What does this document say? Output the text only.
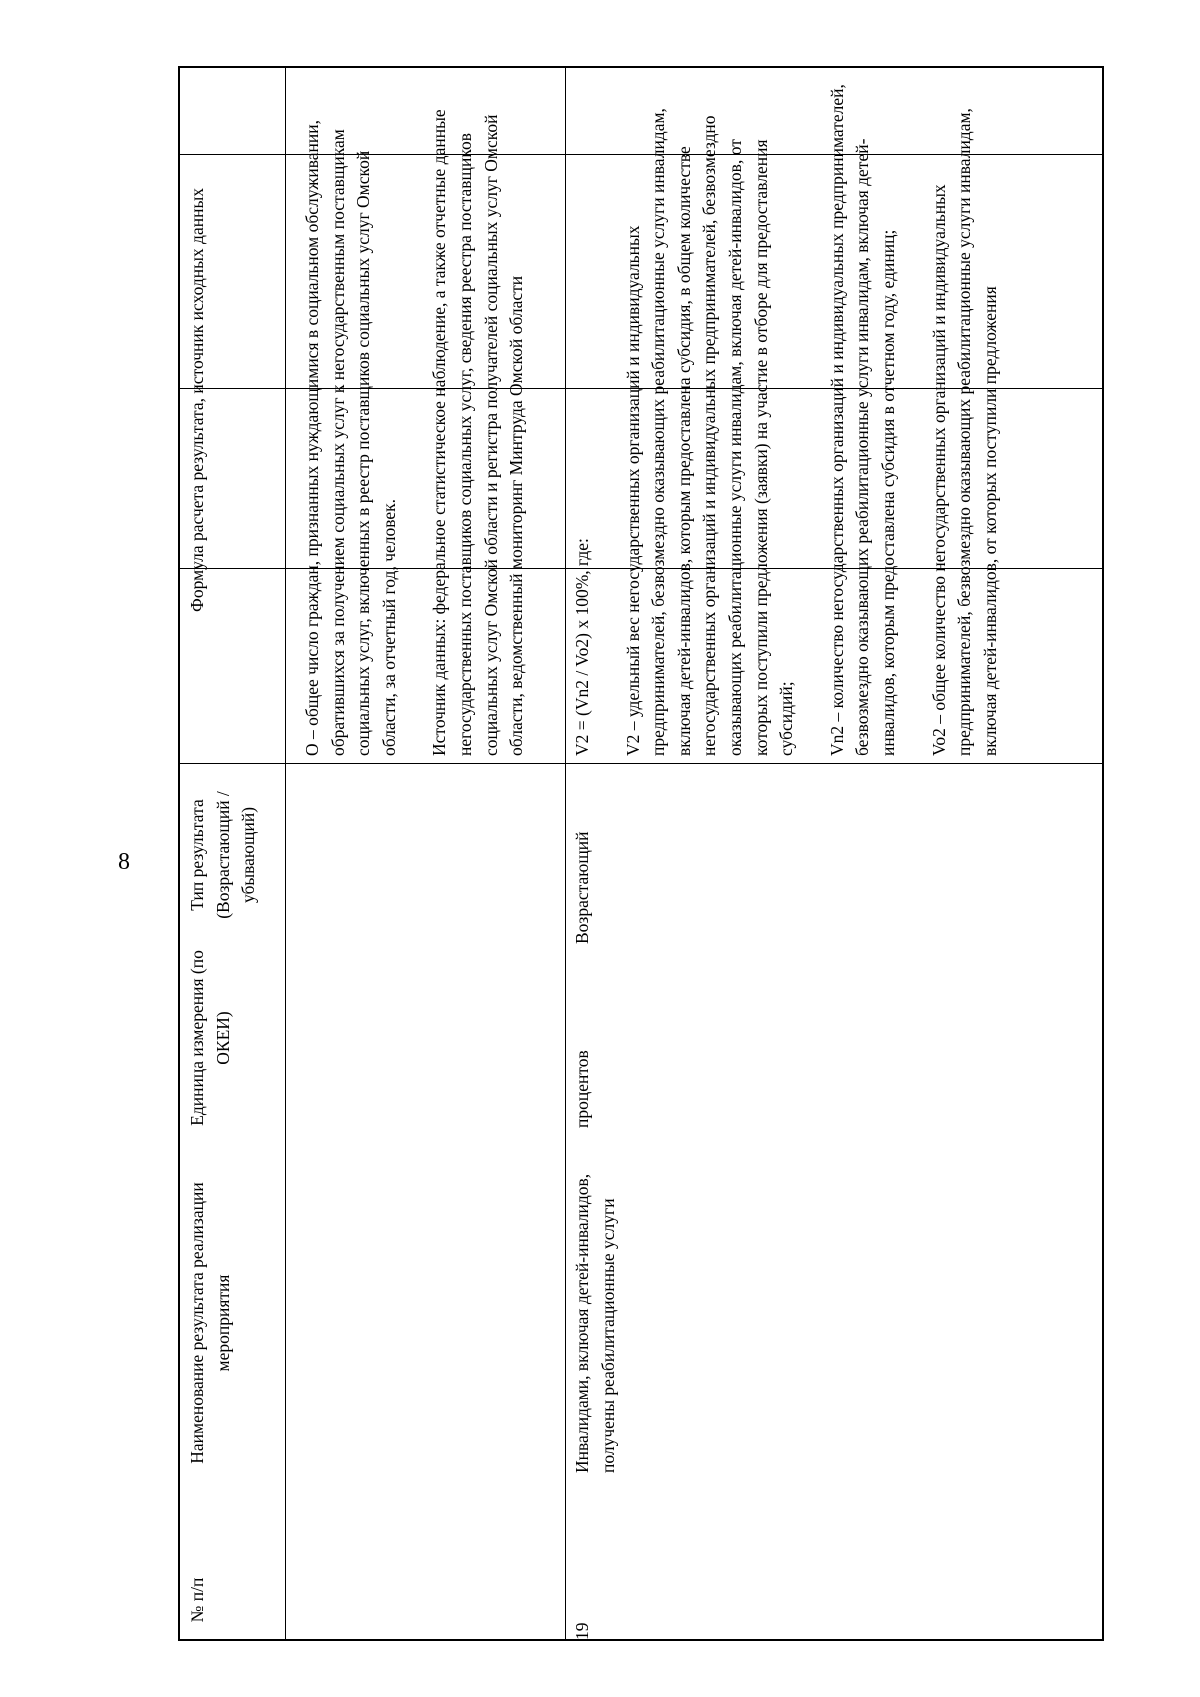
8
№ п/п
Наименование результата реализации мероприятия
Единица измерения (по ОКЕИ)
Тип результата (Возрастающий /убывающий)
Формула расчета результата, источник исходных данных	О – общее число граждан, признанных нуждающимися в социальном обслуживании, обратившихся за получением социальных услуг к негосударственным поставщикам социальных услуг, включенных в реестр поставщиков социальных услуг Омской области, за отчетный год, человек. Источник данных: федеральное статистическое наблюдение, а также отчетные данные негосударственных поставщиков социальных услуг, сведения реестра поставщиков социальных услуг Омской области и регистра получателей социальных услуг Омской области, ведомственный мониторинг Минтруда Омской области

19
Инвалидами, включая детей-инвалидов, получены реабилитационные услуги
процентов
Возрастающий

V2 = (Vn2 / Vo2) x 100%, где: V2 – удельный вес негосударственных организаций и индивидуальных предпринимателей, безвозмездно оказывающих реабилитационные услуги инвалидам, включая детей-инвалидов, которым предоставлена субсидия, в общем количестве негосударственных организаций и индивидуальных предпринимателей, безвозмездно оказывающих реабилитационные услуги инвалидам, включая детей-инвалидов, от которых поступили предложения (заявки) на участие в отборе для предоставления субсидий; Vn2 – количество негосударственных организаций и индивидуальных предпринимателей, безвозмездно оказывающих реабилитационные услуги инвалидам, включая детей-инвалидов, которым предоставлена субсидия в отчетном году, единиц; Vo2 – общее количество негосударственных организаций и индивидуальных предпринимателей, безвозмездно оказывающих реабилитационные услуги инвалидам, включая детей-инвалидов, от которых поступили предложения
